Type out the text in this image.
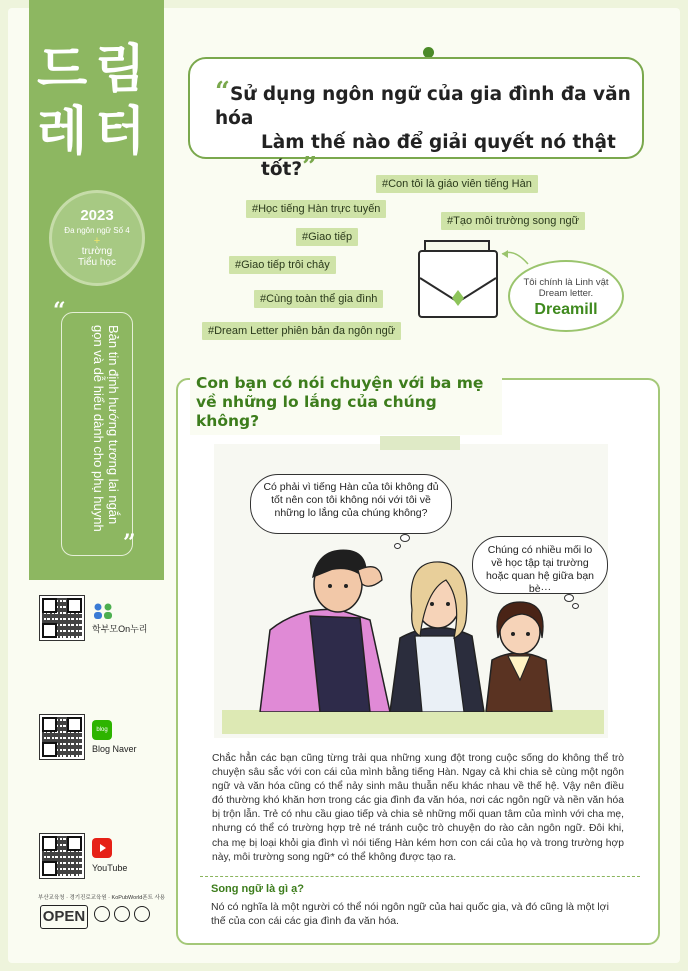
드 림
레 터
2023
Đa ngôn ngữ Số 4
+
trường
Tiểu học
“
Bản tin định hướng tương lai ngắn gọn và dễ hiểu dành cho phụ huynh
”
학부모On누리
blog
Blog Naver
YouTube
부산교육청 · 경기진로교육원 · KoPubWorld폰트 사용
OPEN
“Sử dụng ngôn ngữ của gia đình đa văn hóa
Làm thế nào để giải quyết nó thật tốt?”
#Con tôi là giáo viên tiếng Hàn
#Học tiếng Hàn trực tuyến
#Tạo môi trường song ngữ
#Giao tiếp
#Giao tiếp trôi chảy
#Cùng toàn thể gia đình
#Dream Letter phiên bản đa ngôn ngữ
Tôi chính là Linh vật Dream letter.
Dreamill
Con bạn có nói chuyện với ba mẹ về những lo lắng của chúng không?
Có phải vì tiếng Hàn của tôi không đủ tốt nên con tôi không nói với tôi về những lo lắng của chúng không?
Chúng có nhiều mối lo về học tập tại trường hoặc quan hệ giữa bạn bè···
Chắc hẳn các bạn cũng từng trải qua những xung đột trong cuộc sống do không thể trò chuyện sâu sắc với con cái của mình bằng tiếng Hàn. Ngay cả khi chia sẻ cùng một ngôn ngữ và văn hóa cũng có thể nảy sinh mâu thuẫn nếu khác nhau về thế hệ. Vậy nên điều đó thường khó khăn hơn trong các gia đình đa văn hóa, nơi các ngôn ngữ và nền văn hóa bị trộn lẫn. Trẻ có nhu cầu giao tiếp và chia sẻ những mối quan tâm của mình với cha mẹ, nhưng có thể có trường hợp trẻ né tránh cuộc trò chuyện do rào cản ngôn ngữ. Đôi khi, cha mẹ bị loại khỏi gia đình vì nói tiếng Hàn kém hơn con cái của họ và trong trường hợp này, môi trường song ngữ* có thể không được tạo ra.
Song ngữ là gì ạ?
Nó có nghĩa là một người có thể nói ngôn ngữ của hai quốc gia, và đó cũng là một lợi thế của con cái các gia đình đa văn hóa.
